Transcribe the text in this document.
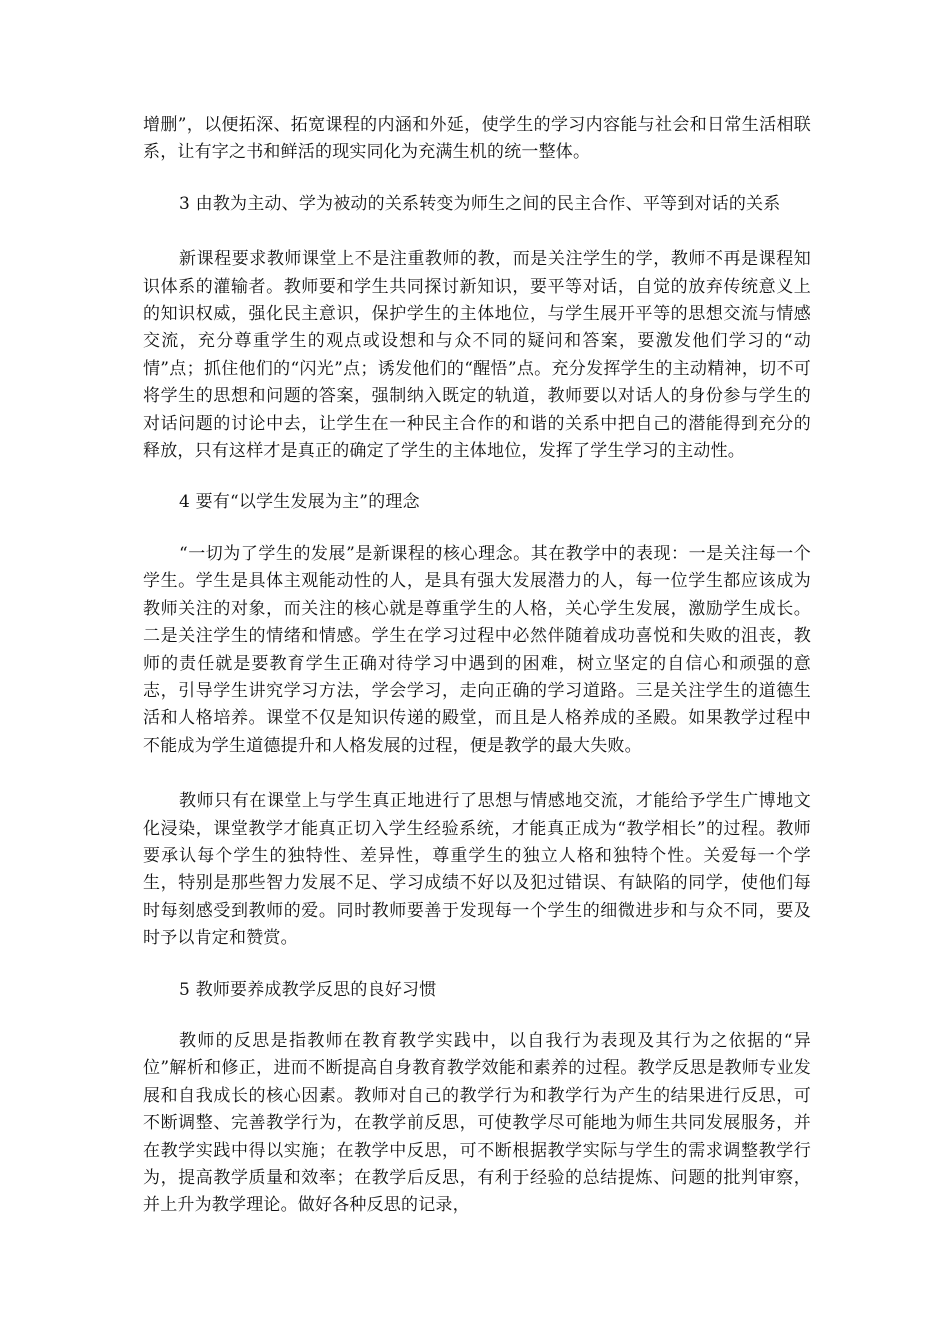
增删”，以便拓深、拓宽课程的内涵和外延，使学生的学习内容能与社会和日常生活相联系，让有字之书和鲜活的现实同化为充满生机的统一整体。

3 由教为主动、学为被动的关系转变为师生之间的民主合作、平等到对话的关系

新课程要求教师课堂上不是注重教师的教，而是关注学生的学，教师不再是课程知识体系的灌输者。教师要和学生共同探讨新知识，要平等对话，自觉的放弃传统意义上的知识权威，强化民主意识，保护学生的主体地位，与学生展开平等的思想交流与情感交流，充分尊重学生的观点或设想和与众不同的疑问和答案，要激发他们学习的“动情”点；抓住他们的“闪光”点；诱发他们的“醒悟”点。充分发挥学生的主动精神，切不可将学生的思想和问题的答案，强制纳入既定的轨道，教师要以对话人的身份参与学生的对话问题的讨论中去，让学生在一种民主合作的和谐的关系中把自己的潜能得到充分的释放，只有这样才是真正的确定了学生的主体地位，发挥了学生学习的主动性。

4 要有“以学生发展为主”的理念

“一切为了学生的发展”是新课程的核心理念。其在教学中的表现：一是关注每一个学生。学生是具体主观能动性的人，是具有强大发展潜力的人，每一位学生都应该成为教师关注的对象，而关注的核心就是尊重学生的人格，关心学生发展，激励学生成长。二是关注学生的情绪和情感。学生在学习过程中必然伴随着成功喜悦和失败的沮丧，教师的责任就是要教育学生正确对待学习中遇到的困难，树立坚定的自信心和顽强的意志，引导学生讲究学习方法，学会学习，走向正确的学习道路。三是关注学生的道德生活和人格培养。课堂不仅是知识传递的殿堂，而且是人格养成的圣殿。如果教学过程中不能成为学生道德提升和人格发展的过程，便是教学的最大失败。

教师只有在课堂上与学生真正地进行了思想与情感地交流，才能给予学生广博地文化浸染，课堂教学才能真正切入学生经验系统，才能真正成为“教学相长”的过程。教师要承认每个学生的独特性、差异性，尊重学生的独立人格和独特个性。关爱每一个学生，特别是那些智力发展不足、学习成绩不好以及犯过错误、有缺陷的同学，使他们每时每刻感受到教师的爱。同时教师要善于发现每一个学生的细微进步和与众不同，要及时予以肯定和赞赏。

5 教师要养成教学反思的良好习惯

教师的反思是指教师在教育教学实践中，以自我行为表现及其行为之依据的“异位”解析和修正，进而不断提高自身教育教学效能和素养的过程。教学反思是教师专业发展和自我成长的核心因素。教师对自己的教学行为和教学行为产生的结果进行反思，可不断调整、完善教学行为，在教学前反思，可使教学尽可能地为师生共同发展服务，并在教学实践中得以实施；在教学中反思，可不断根据教学实际与学生的需求调整教学行为，提高教学质量和效率；在教学后反思，有利于经验的总结提炼、问题的批判审察，并上升为教学理论。做好各种反思的记录，
